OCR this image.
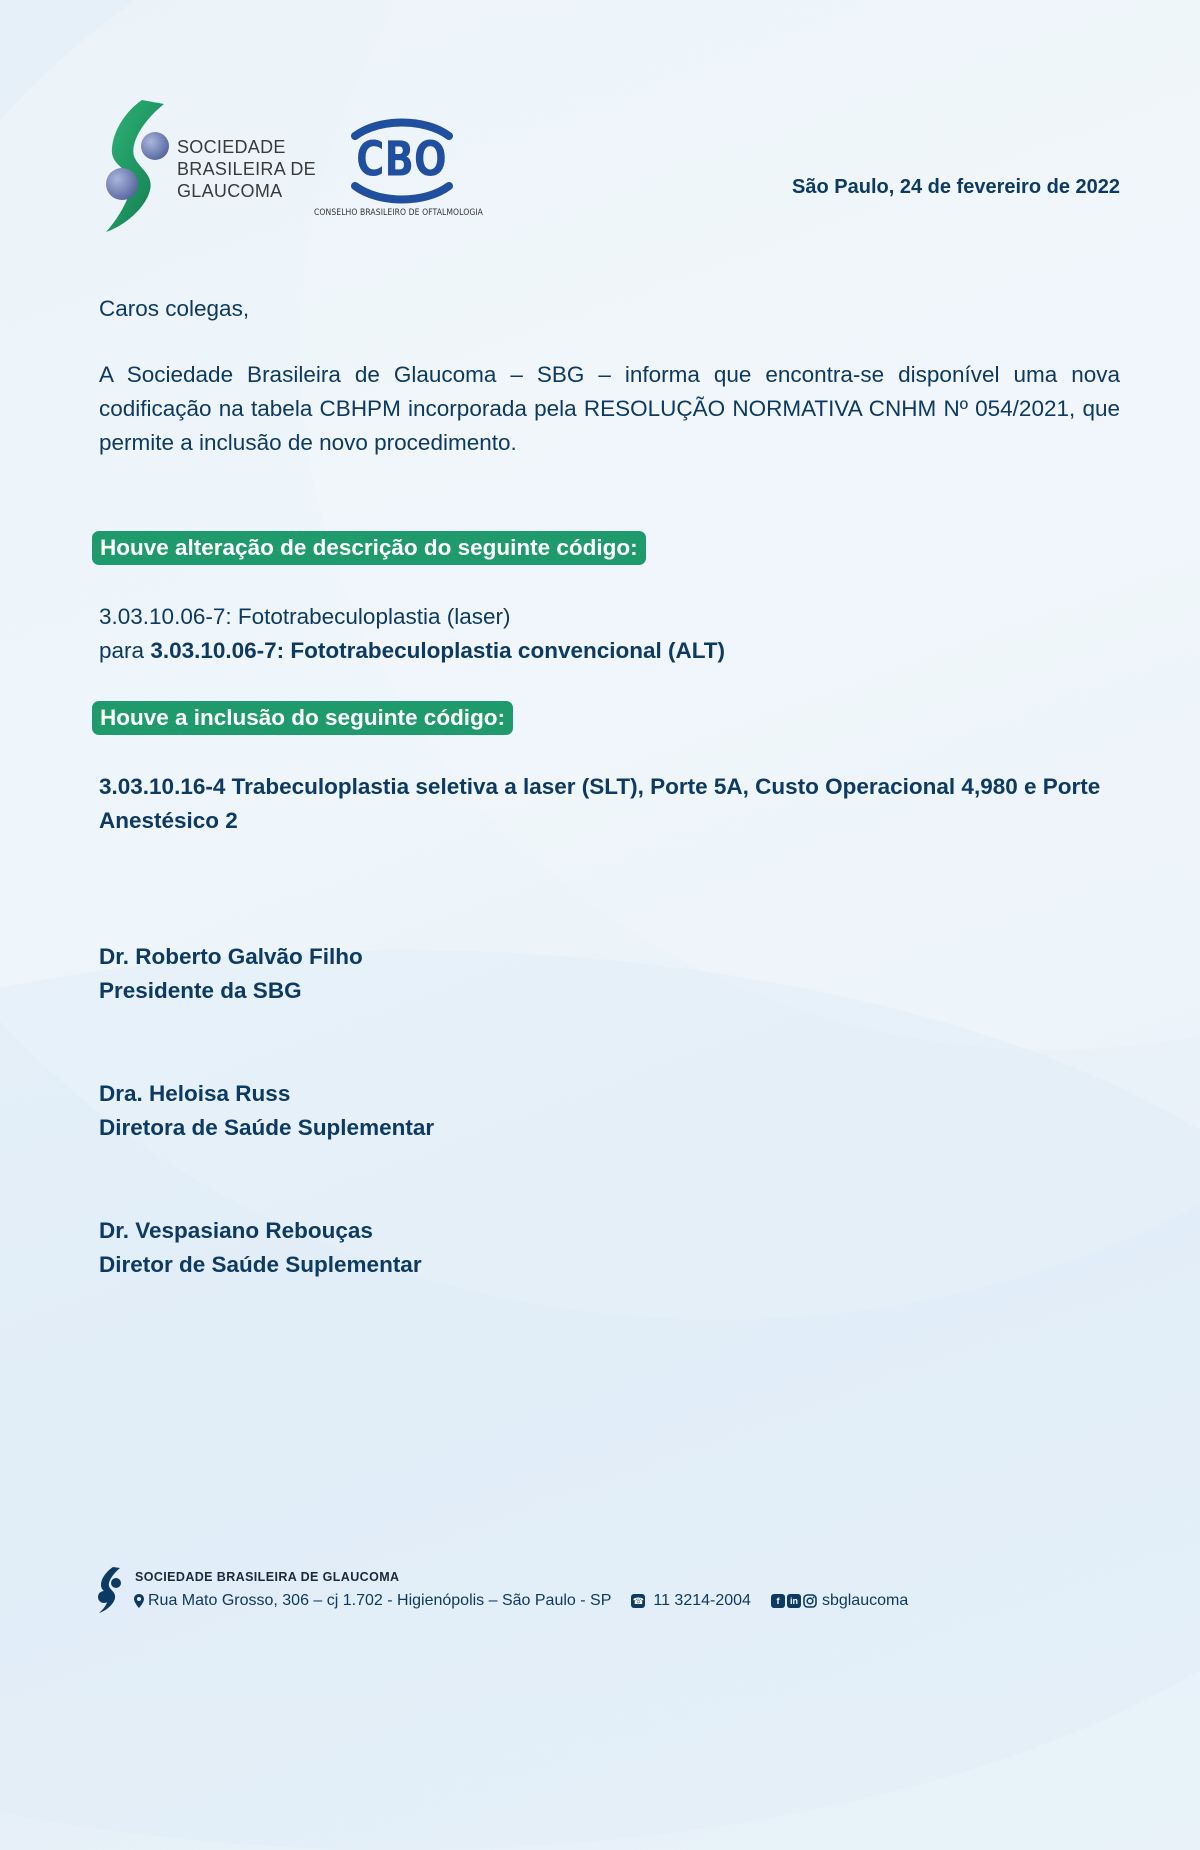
SOCIEDADE
BRASILEIRA DE
GLAUCOMA
CBO
CONSELHO BRASILEIRO DE OFTALMOLOGIA
São Paulo, 24 de fevereiro de 2022
Caros colegas,
A Sociedade Brasileira de Glaucoma – SBG – informa que encontra-se disponível uma nova codificação na tabela CBHPM incorporada pela RESOLUÇÃO NORMATIVA CNHM Nº 054/2021, que permite a inclusão de novo procedimento.
Houve alteração de descrição do seguinte código:
3.03.10.06-7: Fototrabeculoplastia (laser)
para 3.03.10.06-7: Fototrabeculoplastia convencional (ALT)
Houve a inclusão do seguinte código:
3.03.10.16-4 Trabeculoplastia seletiva a laser (SLT), Porte 5A, Custo Operacional 4,980 e Porte Anestésico 2
Dr. Roberto Galvão Filho
Presidente da SBG
Dra. Heloisa Russ
Diretora de Saúde Suplementar
Dr. Vespasiano Rebouças
Diretor de Saúde Suplementar
SOCIEDADE BRASILEIRA DE GLAUCOMA
Rua Mato Grosso, 306 – cj 1.702 - Higienópolis – São Paulo - SP ☎ 11 3214-2004	f	in sbglaucoma
